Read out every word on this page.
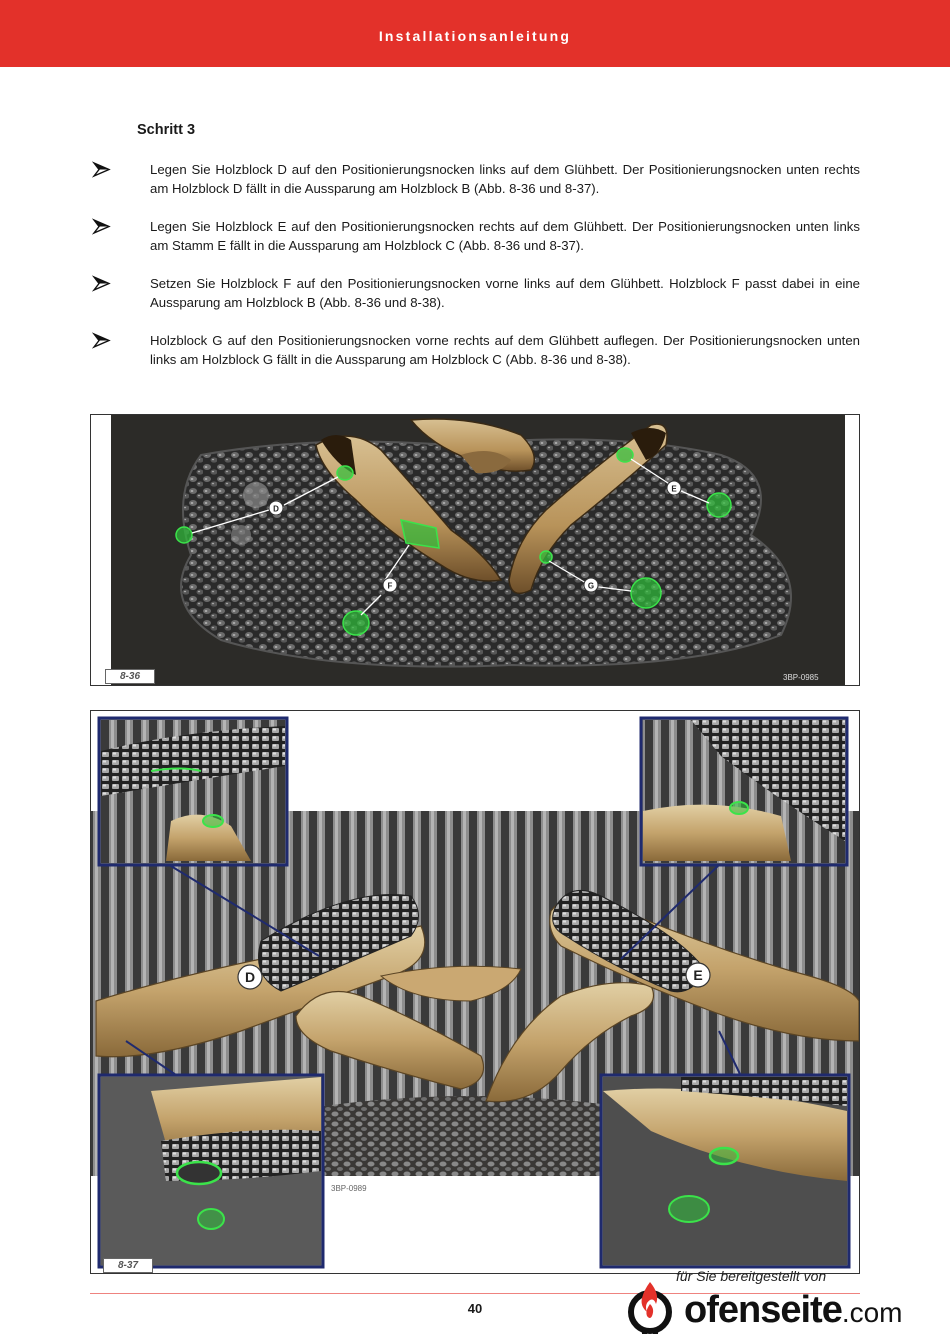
Installationsanleitung
Schritt 3
Legen Sie Holzblock D auf den Positionierungsnocken links auf dem Glühbett. Der Positionierungsnocken unten rechts am Holzblock D fällt in die Aussparung am Holzblock B (Abb. 8-36 und 8-37).
Legen Sie Holzblock E auf den Positionierungsnocken rechts auf dem Glühbett. Der Positionierungsnocken unten links am Stamm E fällt in die Aussparung am Holzblock C (Abb. 8-36 und 8-37).
Setzen Sie Holzblock F auf den Positionierungsnocken vorne links auf dem Glühbett. Holzblock F passt dabei in eine Aussparung am Holzblock B (Abb. 8-36 und 8-38).
Holzblock G auf den Positionierungsnocken vorne rechts auf dem Glühbett auflegen. Der Positionierungsnocken unten links am Holzblock G fällt in die Aussparung am Holzblock C (Abb. 8-36 und 8-38).
D
E
F	G
8-36	3BP-0985
D	E
8-37
3BP-0989
40
für Sie bereitgestellt von
ofenseite.com
